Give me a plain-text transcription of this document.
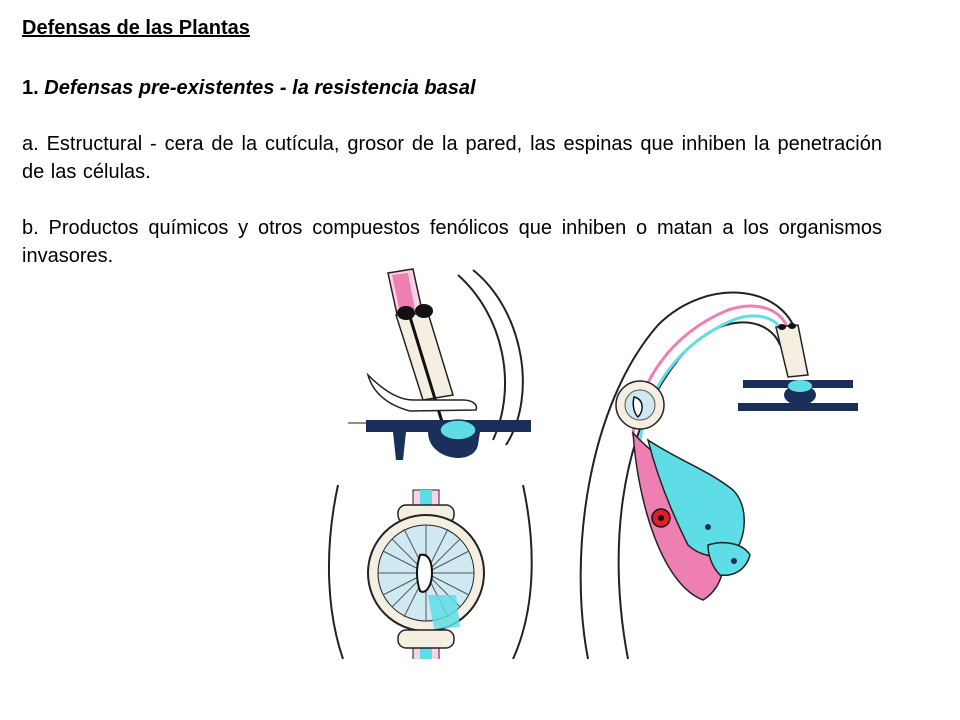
Defensas de las Plantas
1. Defensas pre-existentes - la resistencia basal
a. Estructural - cera de la cutícula, grosor de la pared, las espinas que inhiben la penetración de las células.
b. Productos químicos y otros compuestos fenólicos que inhiben o matan a los organismos invasores.
